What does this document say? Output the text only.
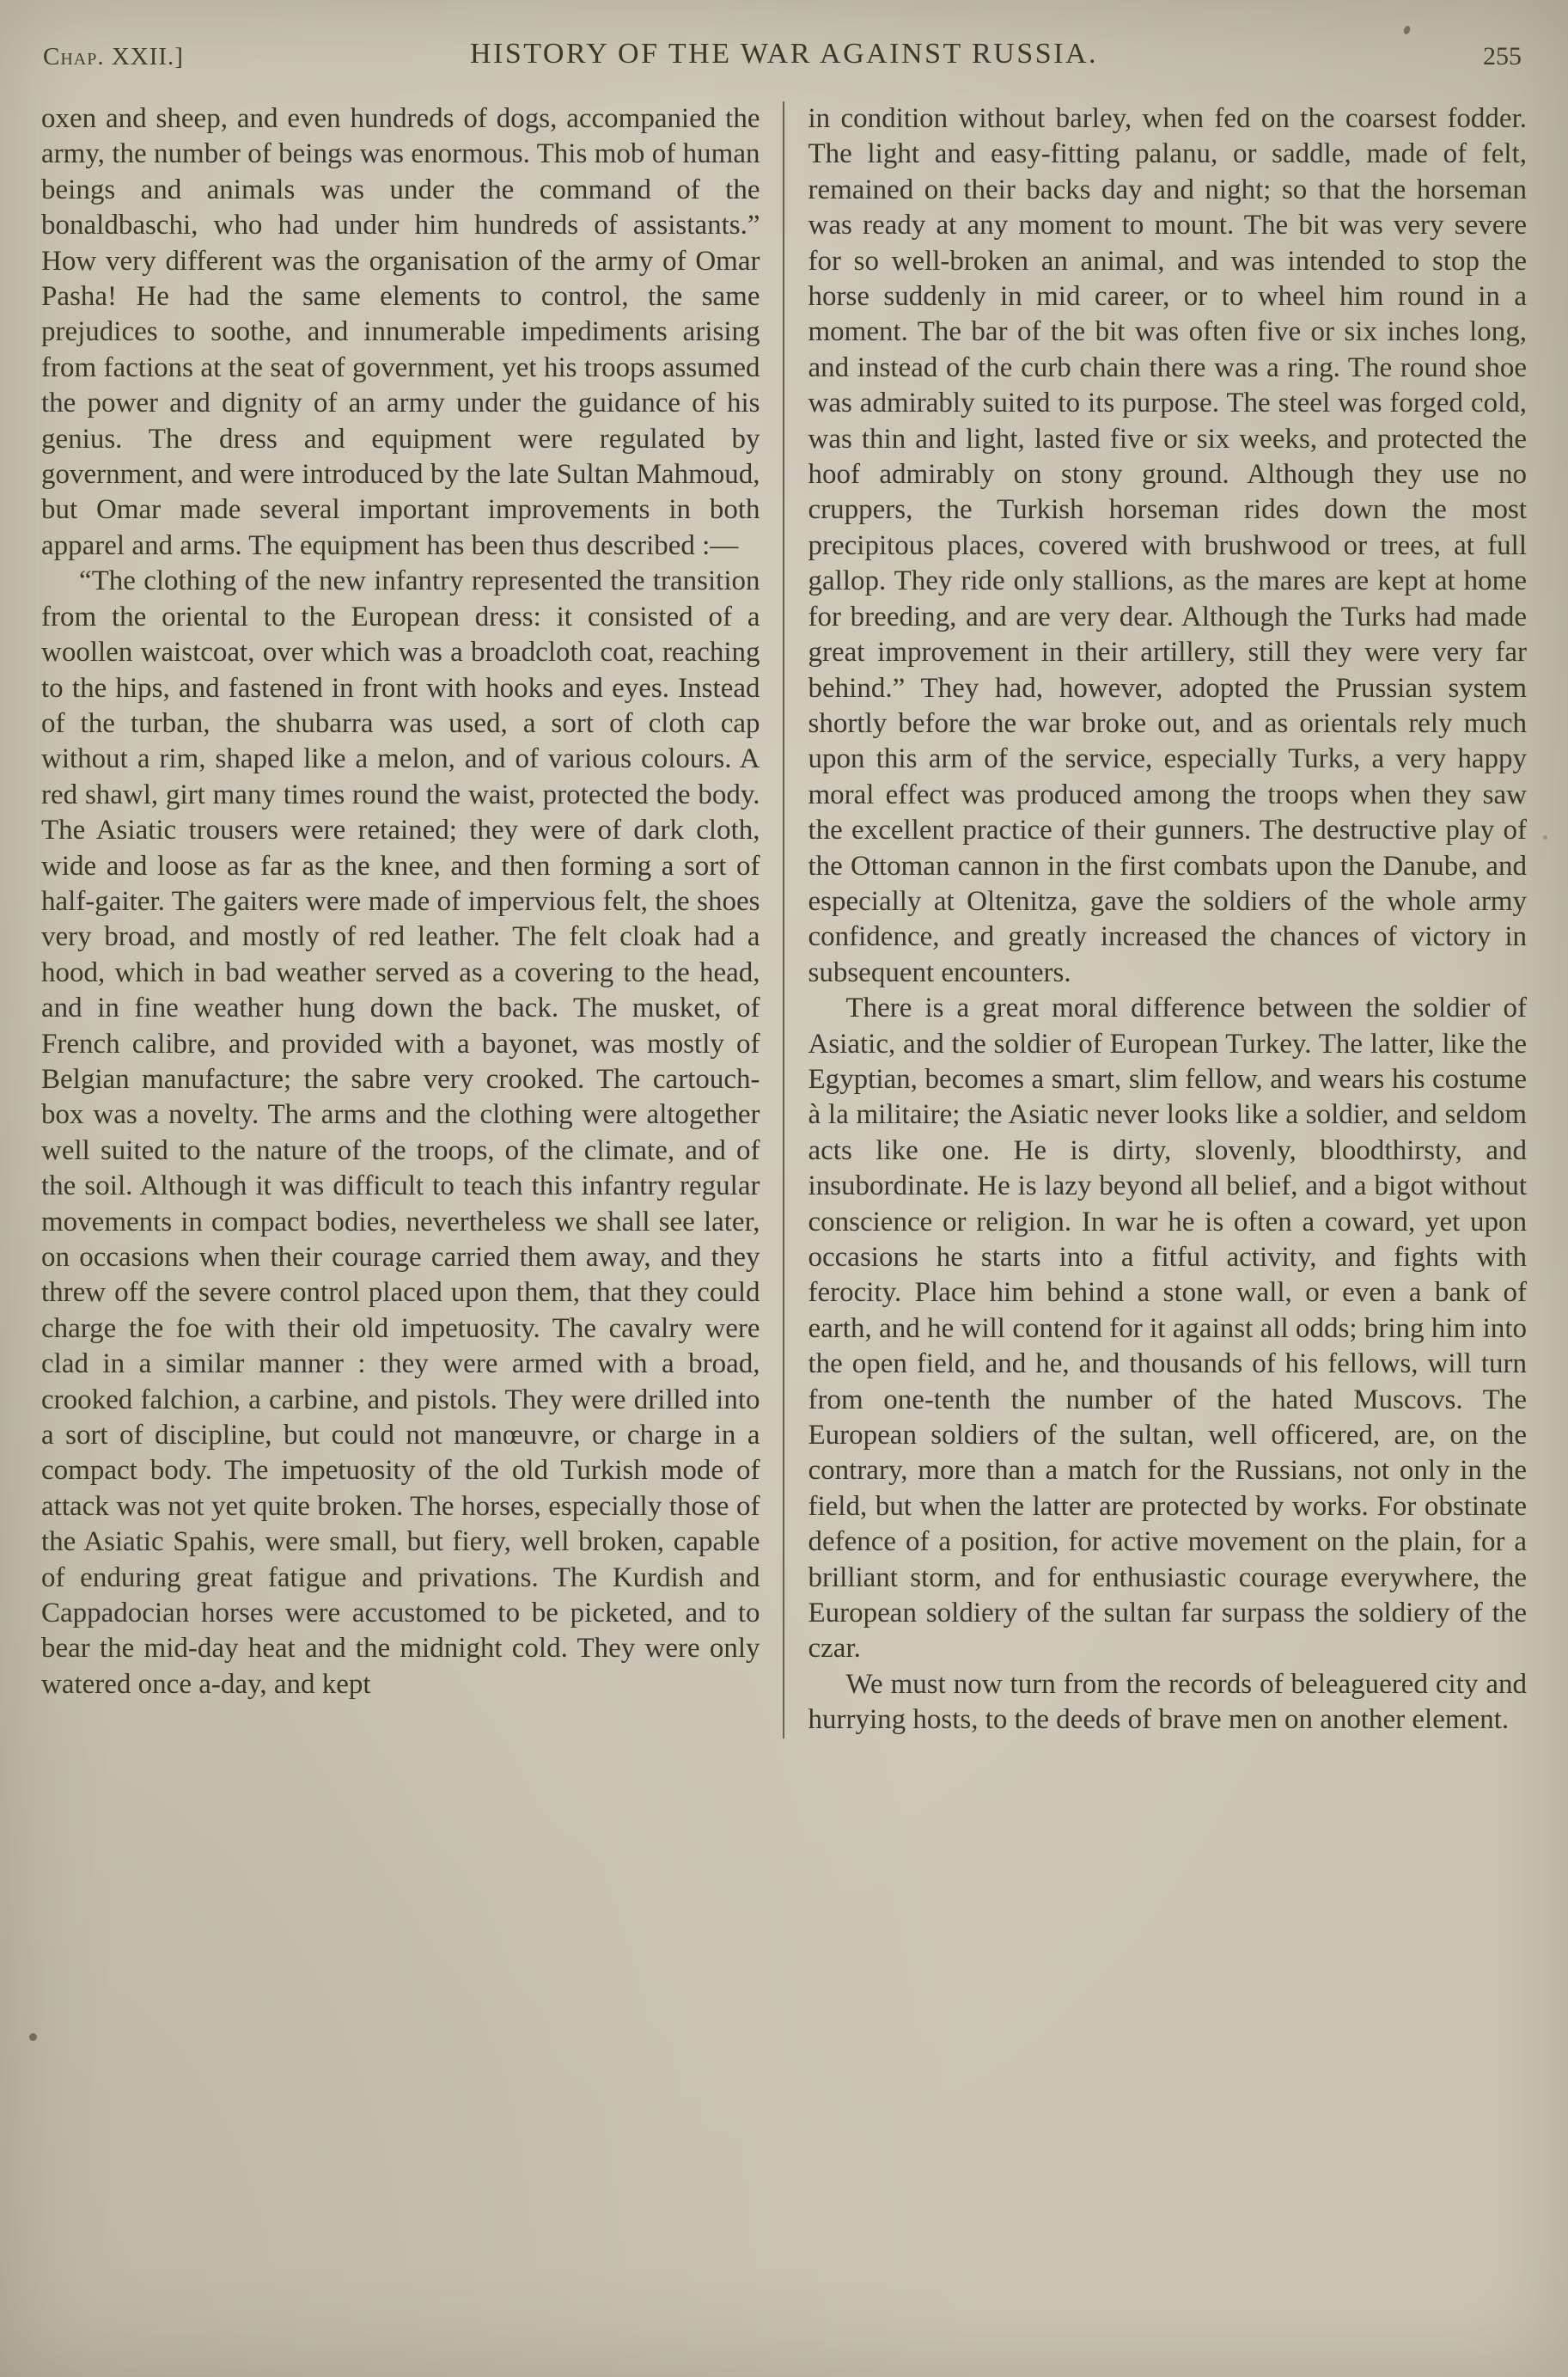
Chap. XXII.]	HISTORY OF THE WAR AGAINST RUSSIA.	255

oxen and sheep, and even hundreds of dogs, accompanied the army, the number of beings was enormous. This mob of human beings and animals was under the command of the bonaldbaschi, who had under him hundreds of assistants.” How very different was the organisation of the army of Omar Pasha! He had the same elements to control, the same prejudices to soothe, and innumerable impediments arising from factions at the seat of government, yet his troops assumed the power and dignity of an army under the guidance of his genius. The dress and equipment were regulated by government, and were introduced by the late Sultan Mahmoud, but Omar made several important improvements in both apparel and arms. The equipment has been thus described :—

“The clothing of the new infantry represented the transition from the oriental to the European dress: it consisted of a woollen waistcoat, over which was a broadcloth coat, reaching to the hips, and fastened in front with hooks and eyes. Instead of the turban, the shubarra was used, a sort of cloth cap without a rim, shaped like a melon, and of various colours. A red shawl, girt many times round the waist, protected the body. The Asiatic trousers were retained; they were of dark cloth, wide and loose as far as the knee, and then forming a sort of half-gaiter. The gaiters were made of impervious felt, the shoes very broad, and mostly of red leather. The felt cloak had a hood, which in bad weather served as a covering to the head, and in fine weather hung down the back. The musket, of French calibre, and provided with a bayonet, was mostly of Belgian manufacture; the sabre very crooked. The cartouch-box was a novelty. The arms and the clothing were altogether well suited to the nature of the troops, of the climate, and of the soil. Although it was difficult to teach this infantry regular movements in compact bodies, nevertheless we shall see later, on occasions when their courage carried them away, and they threw off the severe control placed upon them, that they could charge the foe with their old impetuosity. The cavalry were clad in a similar manner : they were armed with a broad, crooked falchion, a carbine, and pistols. They were drilled into a sort of discipline, but could not manœuvre, or charge in a compact body. The impetuosity of the old Turkish mode of attack was not yet quite broken. The horses, especially those of the Asiatic Spahis, were small, but fiery, well broken, capable of enduring great fatigue and privations. The Kurdish and Cappadocian horses were accustomed to be picketed, and to bear the mid-day heat and the midnight cold. They were only watered once a-day, and kept

in condition without barley, when fed on the coarsest fodder. The light and easy-fitting palanu, or saddle, made of felt, remained on their backs day and night; so that the horseman was ready at any moment to mount. The bit was very severe for so well-broken an animal, and was intended to stop the horse suddenly in mid career, or to wheel him round in a moment. The bar of the bit was often five or six inches long, and instead of the curb chain there was a ring. The round shoe was admirably suited to its purpose. The steel was forged cold, was thin and light, lasted five or six weeks, and protected the hoof admirably on stony ground. Although they use no cruppers, the Turkish horseman rides down the most precipitous places, covered with brushwood or trees, at full gallop. They ride only stallions, as the mares are kept at home for breeding, and are very dear. Although the Turks had made great improvement in their artillery, still they were very far behind.” They had, however, adopted the Prussian system shortly before the war broke out, and as orientals rely much upon this arm of the service, especially Turks, a very happy moral effect was produced among the troops when they saw the excellent practice of their gunners. The destructive play of the Ottoman cannon in the first combats upon the Danube, and especially at Oltenitza, gave the soldiers of the whole army confidence, and greatly increased the chances of victory in subsequent encounters.

There is a great moral difference between the soldier of Asiatic, and the soldier of European Turkey. The latter, like the Egyptian, becomes a smart, slim fellow, and wears his costume à la militaire; the Asiatic never looks like a soldier, and seldom acts like one. He is dirty, slovenly, bloodthirsty, and insubordinate. He is lazy beyond all belief, and a bigot without conscience or religion. In war he is often a coward, yet upon occasions he starts into a fitful activity, and fights with ferocity. Place him behind a stone wall, or even a bank of earth, and he will contend for it against all odds; bring him into the open field, and he, and thousands of his fellows, will turn from one-tenth the number of the hated Muscovs. The European soldiers of the sultan, well officered, are, on the contrary, more than a match for the Russians, not only in the field, but when the latter are protected by works. For obstinate defence of a position, for active movement on the plain, for a brilliant storm, and for enthusiastic courage everywhere, the European soldiery of the sultan far surpass the soldiery of the czar.

We must now turn from the records of beleaguered city and hurrying hosts, to the deeds of brave men on another element.
